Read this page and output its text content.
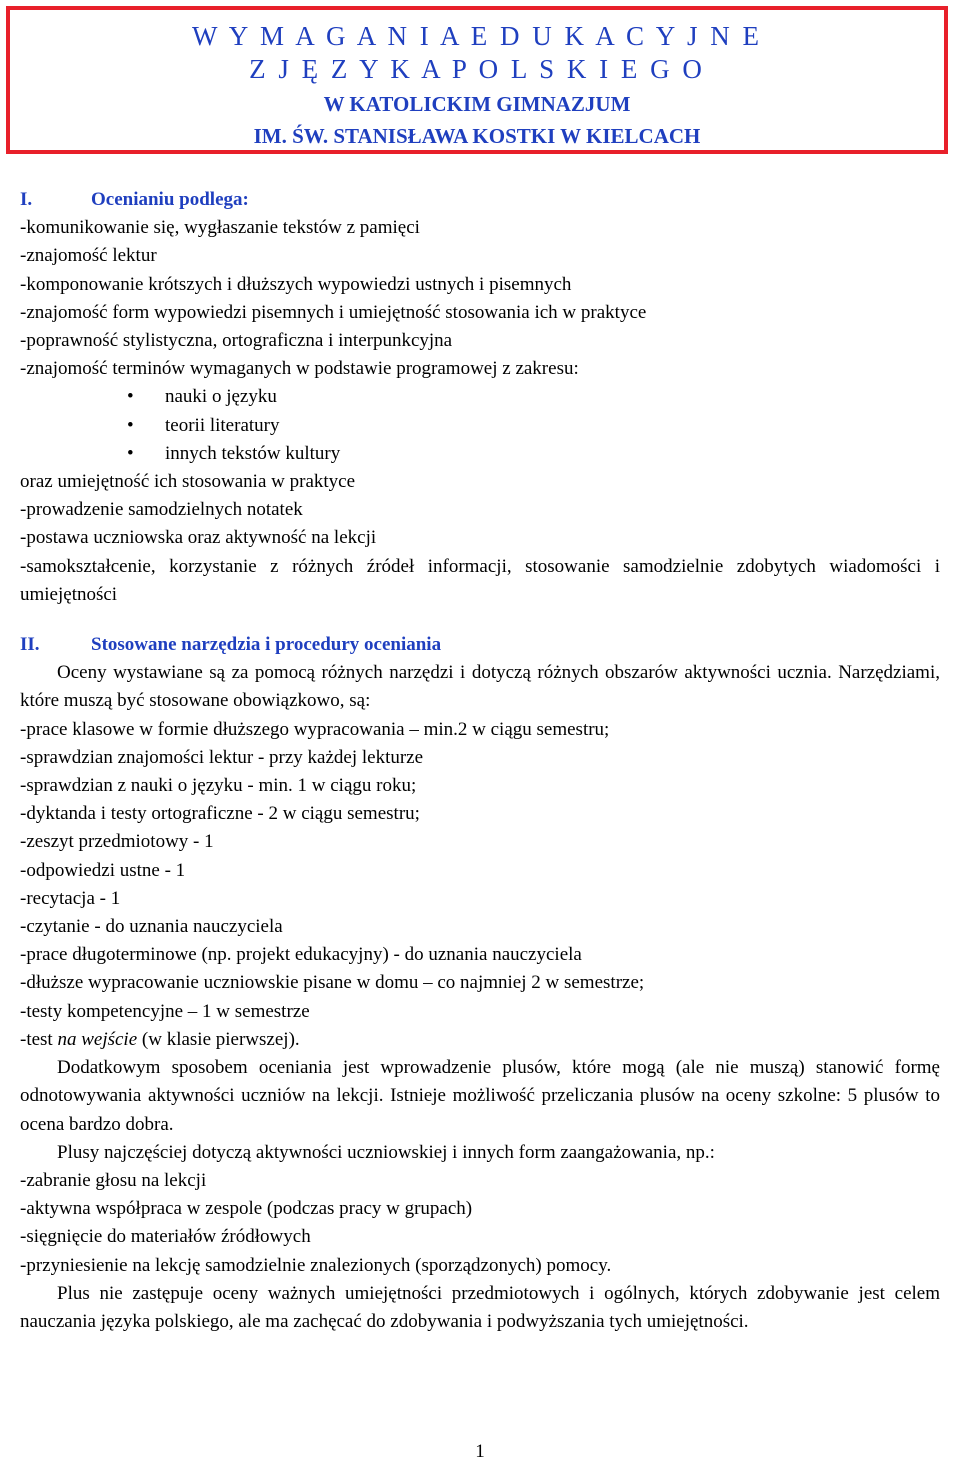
W Y M A G A N I A E D U K A C Y J N E
Z J Ę Z Y K A P O L S K I E G O
W KATOLICKIM GIMNAZJUM
IM. ŚW. STANISŁAWA KOSTKI W KIELCACH
I.	Ocenianiu podlega:
-komunikowanie się, wygłaszanie tekstów z pamięci
-znajomość lektur
-komponowanie krótszych i dłuższych wypowiedzi ustnych i pisemnych
-znajomość form wypowiedzi pisemnych i umiejętność stosowania ich w praktyce
-poprawność stylistyczna, ortograficzna i interpunkcyjna
-znajomość terminów wymaganych w podstawie programowej z zakresu:
• nauki o języku
• teorii literatury
• innych tekstów kultury
oraz umiejętność ich stosowania w praktyce
-prowadzenie samodzielnych notatek
-postawa uczniowska oraz aktywność na lekcji
-samokształcenie, korzystanie z różnych źródeł informacji, stosowanie samodzielnie zdobytych wiadomości i umiejętności
II.	Stosowane narzędzia i procedury oceniania
Oceny wystawiane są za pomocą różnych narzędzi i dotyczą różnych obszarów aktywności ucznia. Narzędziami, które muszą być stosowane obowiązkowo, są:
-prace klasowe w formie dłuższego wypracowania – min.2 w ciągu semestru;
-sprawdzian znajomości lektur - przy każdej lekturze
-sprawdzian z nauki o języku - min. 1 w ciągu roku;
-dyktanda i testy ortograficzne - 2 w ciągu semestru;
-zeszyt przedmiotowy - 1
-odpowiedzi ustne - 1
-recytacja - 1
-czytanie - do uznania nauczyciela
-prace długoterminowe (np. projekt edukacyjny) - do uznania nauczyciela
-dłuższe wypracowanie uczniowskie pisane w domu – co najmniej 2 w semestrze;
-testy kompetencyjne – 1 w semestrze
-test na wejście (w klasie pierwszej).
Dodatkowym sposobem oceniania jest wprowadzenie plusów, które mogą (ale nie muszą) stanowić formę odnotowywania aktywności uczniów na lekcji. Istnieje możliwość przeliczania plusów na oceny szkolne: 5 plusów to ocena bardzo dobra.
Plusy najczęściej dotyczą aktywności uczniowskiej i innych form zaangażowania, np.:
-zabranie głosu na lekcji
-aktywna współpraca w zespole (podczas pracy w grupach)
-sięgnięcie do materiałów źródłowych
-przyniesienie na lekcję samodzielnie znalezionych (sporządzonych) pomocy.
Plus nie zastępuje oceny ważnych umiejętności przedmiotowych i ogólnych, których zdobywanie jest celem nauczania języka polskiego, ale ma zachęcać do zdobywania i podwyższania tych umiejętności.
1
